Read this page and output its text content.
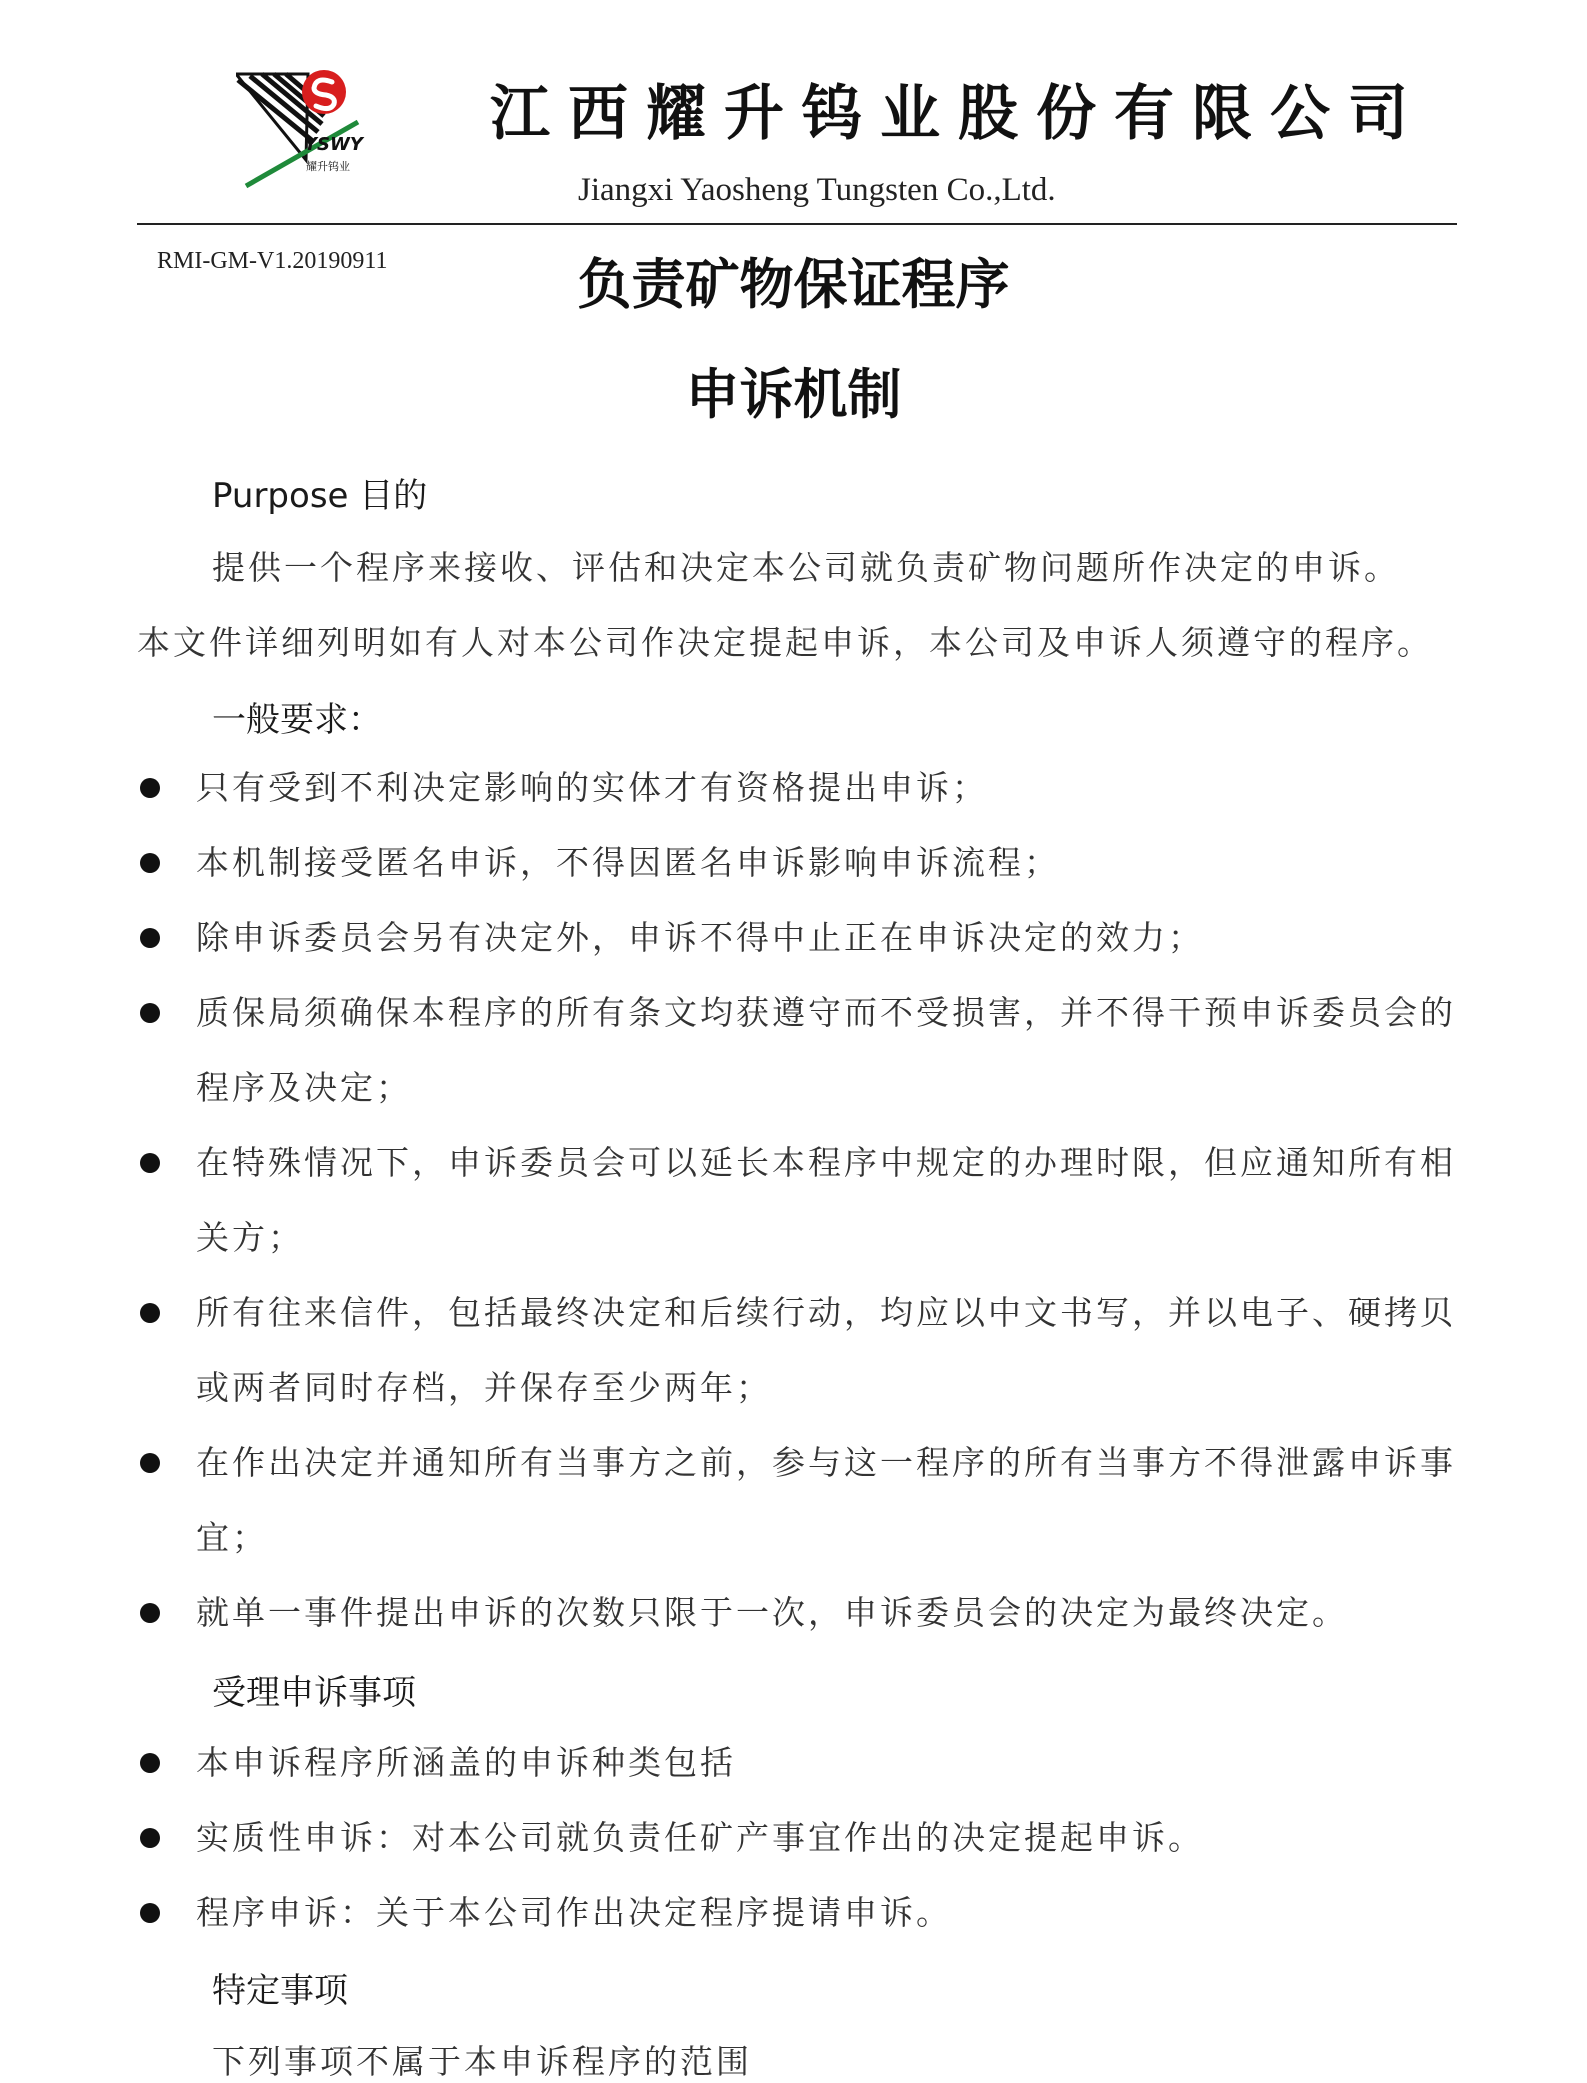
YSWY
耀升钨业
江西耀升钨业股份有限公司
Jiangxi Yaosheng Tungsten Co.,Ltd.
RMI-GM-V1.20190911	负责矿物保证程序
申诉机制
Purpose 目的
提供一个程序来接收、评估和决定本公司就负责矿物问题所作决定的申诉。
本文件详细列明如有人对本公司作决定提起申诉，本公司及申诉人须遵守的程序。
一般要求：
只有受到不利决定影响的实体才有资格提出申诉；
本机制接受匿名申诉，不得因匿名申诉影响申诉流程；
除申诉委员会另有决定外，申诉不得中止正在申诉决定的效力；
质保局须确保本程序的所有条文均获遵守而不受损害，并不得干预申诉委员会的程序及决定；
在特殊情况下，申诉委员会可以延长本程序中规定的办理时限，但应通知所有相关方；
所有往来信件，包括最终决定和后续行动，均应以中文书写，并以电子、硬拷贝或两者同时存档，并保存至少两年；
在作出决定并通知所有当事方之前，参与这一程序的所有当事方不得泄露申诉事宜；
就单一事件提出申诉的次数只限于一次，申诉委员会的决定为最终决定。
受理申诉事项
本申诉程序所涵盖的申诉种类包括
实质性申诉：对本公司就负责任矿产事宜作出的决定提起申诉。
程序申诉：关于本公司作出决定程序提请申诉。
特定事项
下列事项不属于本申诉程序的范围
